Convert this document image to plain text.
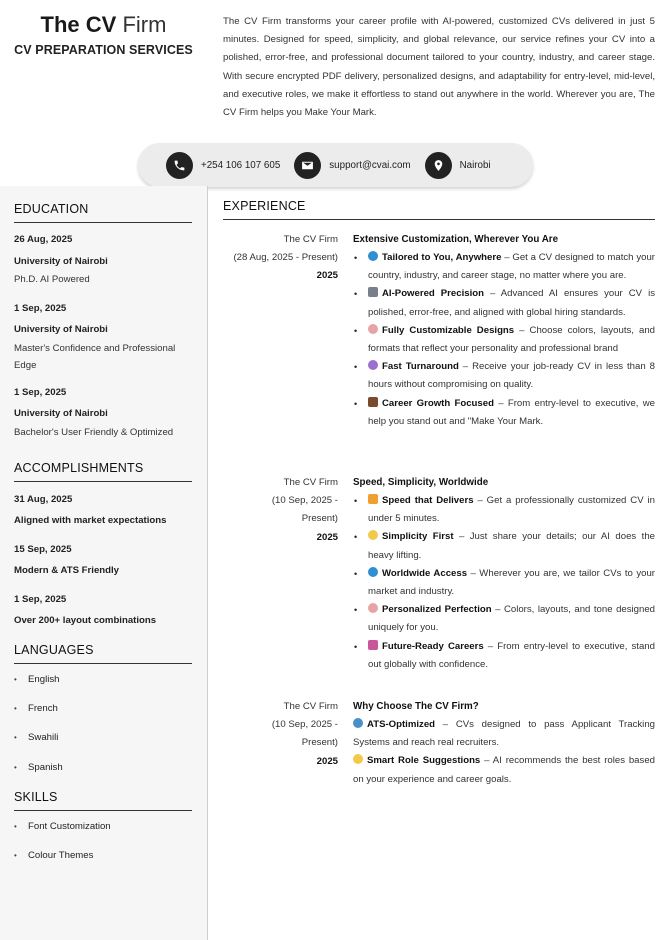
The CV Firm
CV PREPARATION SERVICES
The CV Firm transforms your career profile with AI-powered, customized CVs delivered in just 5 minutes. Designed for speed, simplicity, and global relevance, our service refines your CV into a polished, error-free, and professional document tailored to your country, industry, and career stage. With secure encrypted PDF delivery, personalized designs, and adaptability for entry-level, mid-level, and executive roles, we make it effortless to stand out anywhere in the world. Wherever you are, The CV Firm helps you Make Your Mark.
+254 106 107 605	support@cvai.com	Nairobi
EDUCATION
26 Aug, 2025
University of Nairobi
Ph.D. AI Powered
1 Sep, 2025
University of Nairobi
Master's Confidence and Professional Edge
1 Sep, 2025
University of Nairobi
Bachelor's User Friendly & Optimized
ACCOMPLISHMENTS
31 Aug, 2025
Aligned with market expectations
15 Sep, 2025
Modern & ATS Friendly
1 Sep, 2025
Over 200+ layout combinations
LANGUAGES
• English
• French
• Swahili
• Spanish
SKILLS
• Font Customization
• Colour Themes
EXPERIENCE
The CV Firm
(28 Aug, 2025 - Present)
2025
Extensive Customization, Wherever You Are
• Tailored to You, Anywhere – Get a CV designed to match your country, industry, and career stage, no matter where you are.
• AI-Powered Precision – Advanced AI ensures your CV is polished, error-free, and aligned with global hiring standards.
• Fully Customizable Designs – Choose colors, layouts, and formats that reflect your personality and professional brand
• Fast Turnaround – Receive your job-ready CV in less than 8 hours without compromising on quality.
• Career Growth Focused – From entry-level to executive, we help you stand out and "Make Your Mark.
The CV Firm
(10 Sep, 2025 - Present)
2025
Speed, Simplicity, Worldwide
• Speed that Delivers – Get a professionally customized CV in under 5 minutes.
• Simplicity First – Just share your details; our AI does the heavy lifting.
• Worldwide Access – Wherever you are, we tailor CVs to your market and industry.
• Personalized Perfection – Colors, layouts, and tone designed uniquely for you.
• Future-Ready Careers – From entry-level to executive, stand out globally with confidence.
The CV Firm
(10 Sep, 2025 - Present)
2025
Why Choose The CV Firm?

ATS-Optimized – CVs designed to pass Applicant Tracking Systems and reach real recruiters.

Smart Role Suggestions – AI recommends the best roles based on your experience and career goals.
